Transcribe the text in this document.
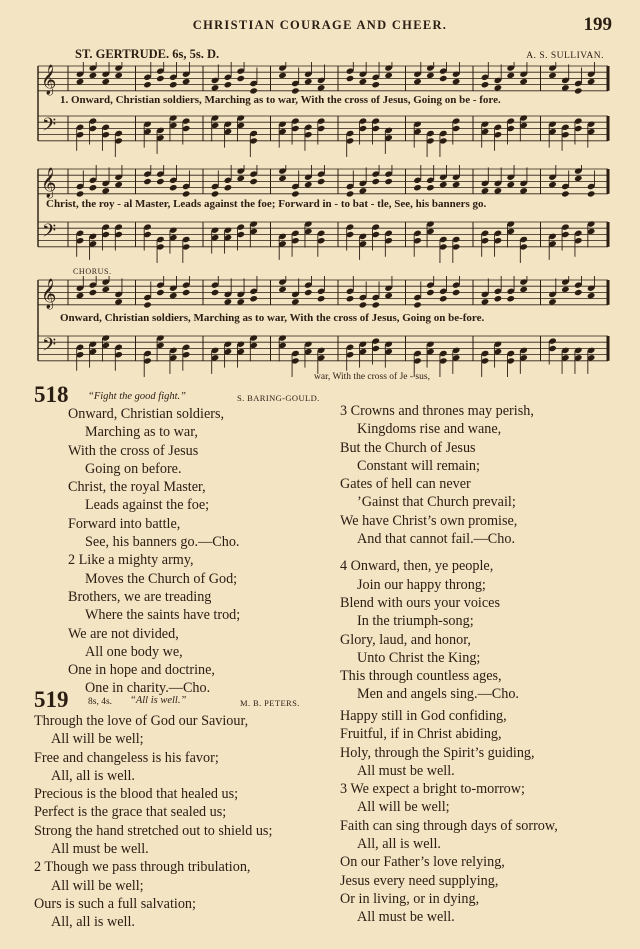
CHRISTIAN COURAGE AND CHEER.	199
ST. GERTRUDE. 6s, 5s. D.	A. S. SULLIVAN.
𝄞
𝄢
1. Onward, Christian soldiers, Marching as to war, With the cross of Jesus, Going on be - fore.
𝄞
𝄢
Christ, the roy - al Master, Leads against the foe; Forward in - to bat - tle, See, his banners go.
CHORUS.
𝄞
𝄢
Onward, Christian soldiers, Marching as to war, With the cross of Jesus, Going on be-fore.
war, With the cross of Je - sus,
518 “Fight the good fight.”	S. BARING-GOULD.
Onward, Christian soldiers,
Marching as to war,
With the cross of Jesus
Going on before.
Christ, the royal Master,
Leads against the foe;
Forward into battle,
See, his banners go.—Cho.
2 Like a mighty army,
Moves the Church of God;
Brothers, we are treading
Where the saints have trod;
We are not divided,
All one body we,
One in hope and doctrine,
One in charity.—Cho.
3 Crowns and thrones may perish,
Kingdoms rise and wane,
But the Church of Jesus
Constant will remain;
Gates of hell can never
’Gainst that Church prevail;
We have Christ’s own promise,
And that cannot fail.—Cho.
4 Onward, then, ye people,
Join our happy throng;
Blend with ours your voices
In the triumph-song;
Glory, laud, and honor,
Unto Christ the King;
This through countless ages,
Men and angels sing.—Cho.
519 8s, 4s. “All is well.”	M. B. PETERS.
Through the love of God our Saviour,
All will be well;
Free and changeless is his favor;
All, all is well.
Precious is the blood that healed us;
Perfect is the grace that sealed us;
Strong the hand stretched out to shield us;
All must be well.
2 Though we pass through tribulation,
All will be well;
Ours is such a full salvation;
All, all is well.
Happy still in God confiding,
Fruitful, if in Christ abiding,
Holy, through the Spirit’s guiding,
All must be well.
3 We expect a bright to-morrow;
All will be well;
Faith can sing through days of sorrow,
All, all is well.
On our Father’s love relying,
Jesus every need supplying,
Or in living, or in dying,
All must be well.
